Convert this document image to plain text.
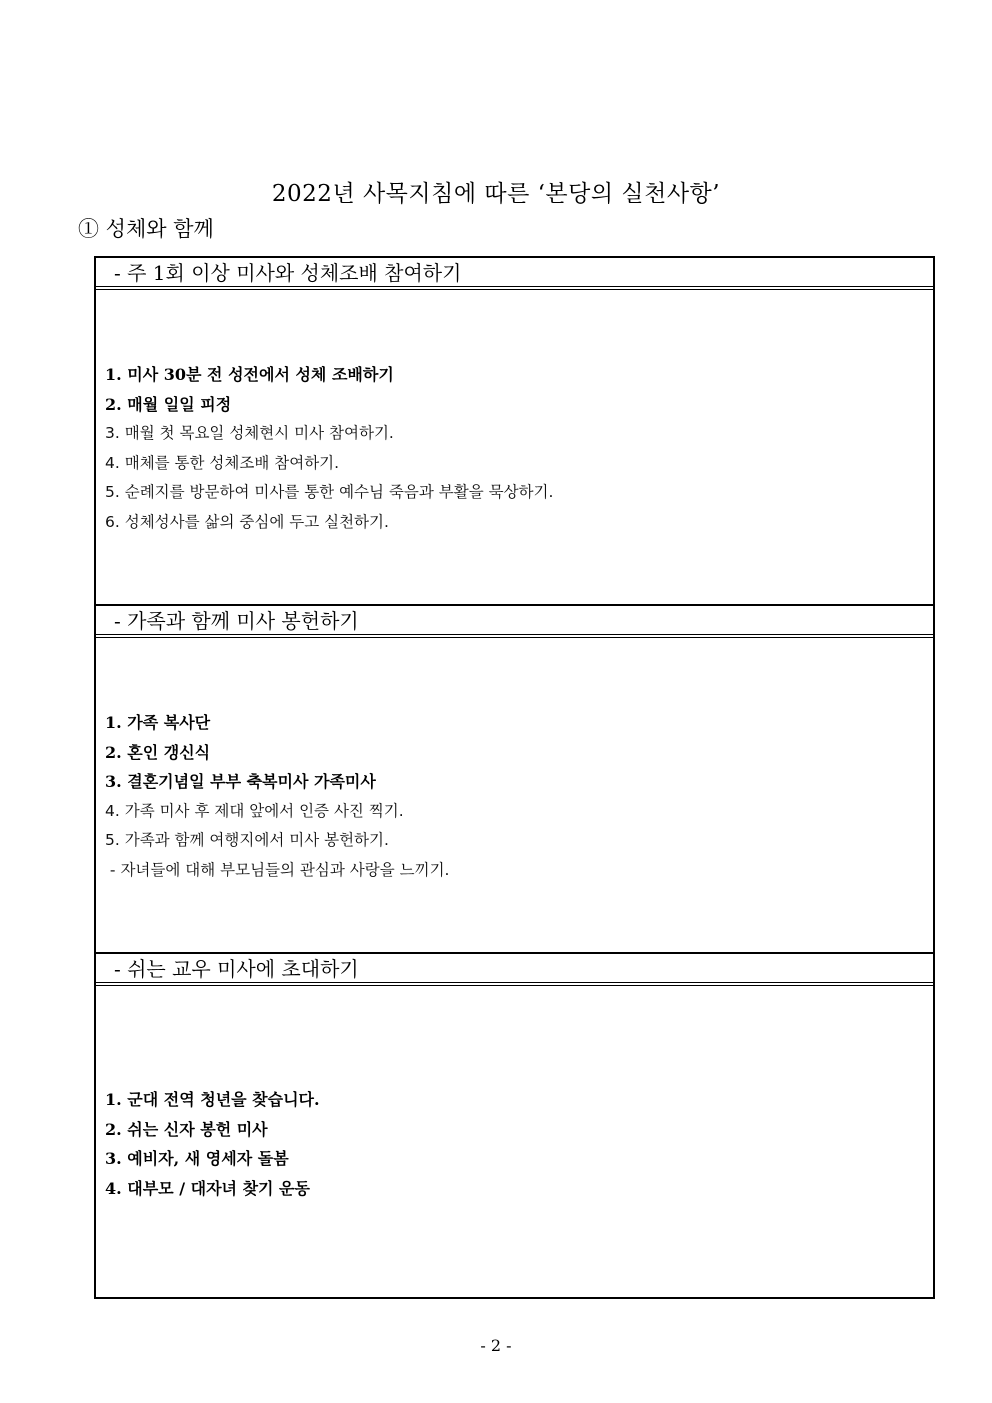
2022년 사목지침에 따른 ‘본당의 실천사항’
① 성체와 함께
- 주 1회 이상 미사와 성체조배 참여하기
1. 미사 30분 전 성전에서 성체 조배하기
2. 매월 일일 피정
3. 매월 첫 목요일 성체현시 미사 참여하기.
4. 매체를 통한 성체조배 참여하기.
5. 순례지를 방문하여 미사를 통한 예수님 죽음과 부활을 묵상하기.
6. 성체성사를 삶의 중심에 두고 실천하기.
- 가족과 함께 미사 봉헌하기
1. 가족 복사단
2. 혼인 갱신식
3. 결혼기념일 부부 축복미사 가족미사
4. 가족 미사 후 제대 앞에서 인증 사진 찍기.
5. 가족과 함께 여행지에서 미사 봉헌하기.
- 자녀들에 대해 부모님들의 관심과 사랑을 느끼기.
- 쉬는 교우 미사에 초대하기
1. 군대 전역 청년을 찾습니다.
2. 쉬는 신자 봉헌 미사
3. 예비자, 새 영세자 돌봄
4. 대부모 / 대자녀 찾기 운동
- 2 -
